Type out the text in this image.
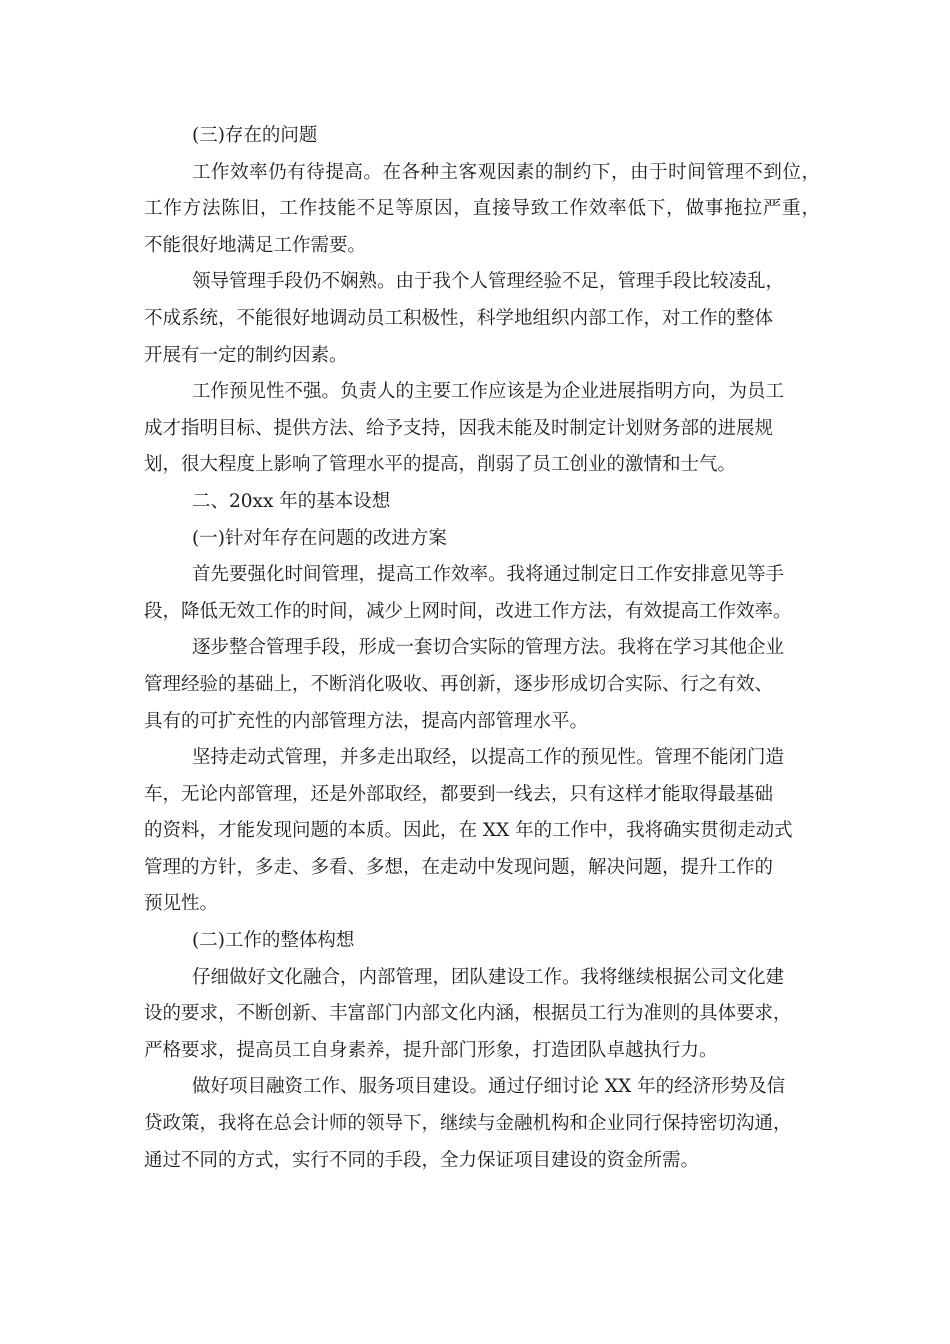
(三)存在的问题
工作效率仍有待提高。在各种主客观因素的制约下，由于时间管理不到位，
工作方法陈旧，工作技能不足等原因，直接导致工作效率低下，做事拖拉严重，
不能很好地满足工作需要。
领导管理手段仍不娴熟。由于我个人管理经验不足，管理手段比较凌乱，
不成系统，不能很好地调动员工积极性，科学地组织内部工作，对工作的整体
开展有一定的制约因素。
工作预见性不强。负责人的主要工作应该是为企业进展指明方向，为员工
成才指明目标、提供方法、给予支持，因我未能及时制定计划财务部的进展规
划，很大程度上影响了管理水平的提高，削弱了员工创业的激情和士气。
二、20xx 年的基本设想
(一)针对年存在问题的改进方案
首先要强化时间管理，提高工作效率。我将通过制定日工作安排意见等手
段，降低无效工作的时间，减少上网时间，改进工作方法，有效提高工作效率。
逐步整合管理手段，形成一套切合实际的管理方法。我将在学习其他企业
管理经验的基础上，不断消化吸收、再创新，逐步形成切合实际、行之有效、
具有的可扩充性的内部管理方法，提高内部管理水平。
坚持走动式管理，并多走出取经，以提高工作的预见性。管理不能闭门造
车，无论内部管理，还是外部取经，都要到一线去，只有这样才能取得最基础
的资料，才能发现问题的本质。因此，在 XX 年的工作中，我将确实贯彻走动式
管理的方针，多走、多看、多想，在走动中发现问题，解决问题，提升工作的
预见性。
(二)工作的整体构想
仔细做好文化融合，内部管理，团队建设工作。我将继续根据公司文化建
设的要求，不断创新、丰富部门内部文化内涵，根据员工行为准则的具体要求，
严格要求，提高员工自身素养，提升部门形象，打造团队卓越执行力。
做好项目融资工作、服务项目建设。通过仔细讨论 XX 年的经济形势及信
贷政策，我将在总会计师的领导下，继续与金融机构和企业同行保持密切沟通，
通过不同的方式，实行不同的手段，全力保证项目建设的资金所需。
